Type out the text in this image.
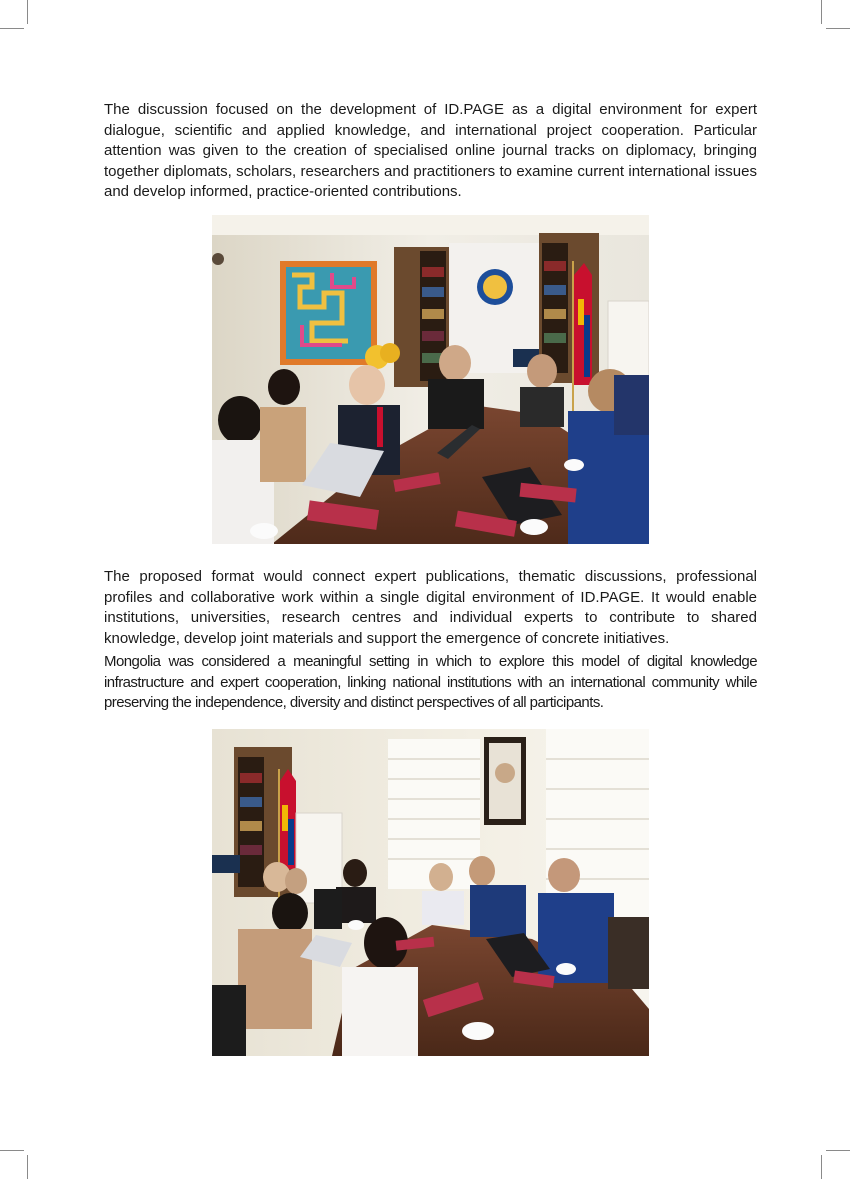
The discussion focused on the development of ID.PAGE as a digital environment for expert dialogue, scientific and applied knowledge, and international project cooperation. Particular attention was given to the creation of specialised online journal tracks on diplomacy, bringing together diplomats, scholars, researchers and practitioners to examine current international issues and develop informed, practice-oriented contributions.

The proposed format would connect expert publications, thematic discussions, professional profiles and collaborative work within a single digital environment of ID.PAGE. It would enable institutions, universities, research centres and individual experts to contribute to shared knowledge, develop joint materials and support the emergence of concrete initiatives.

Mongolia was considered a meaningful setting in which to explore this model of digital knowledge infrastructure and expert cooperation, linking national institutions with an international community while preserving the independence, diversity and distinct perspectives of all participants.
